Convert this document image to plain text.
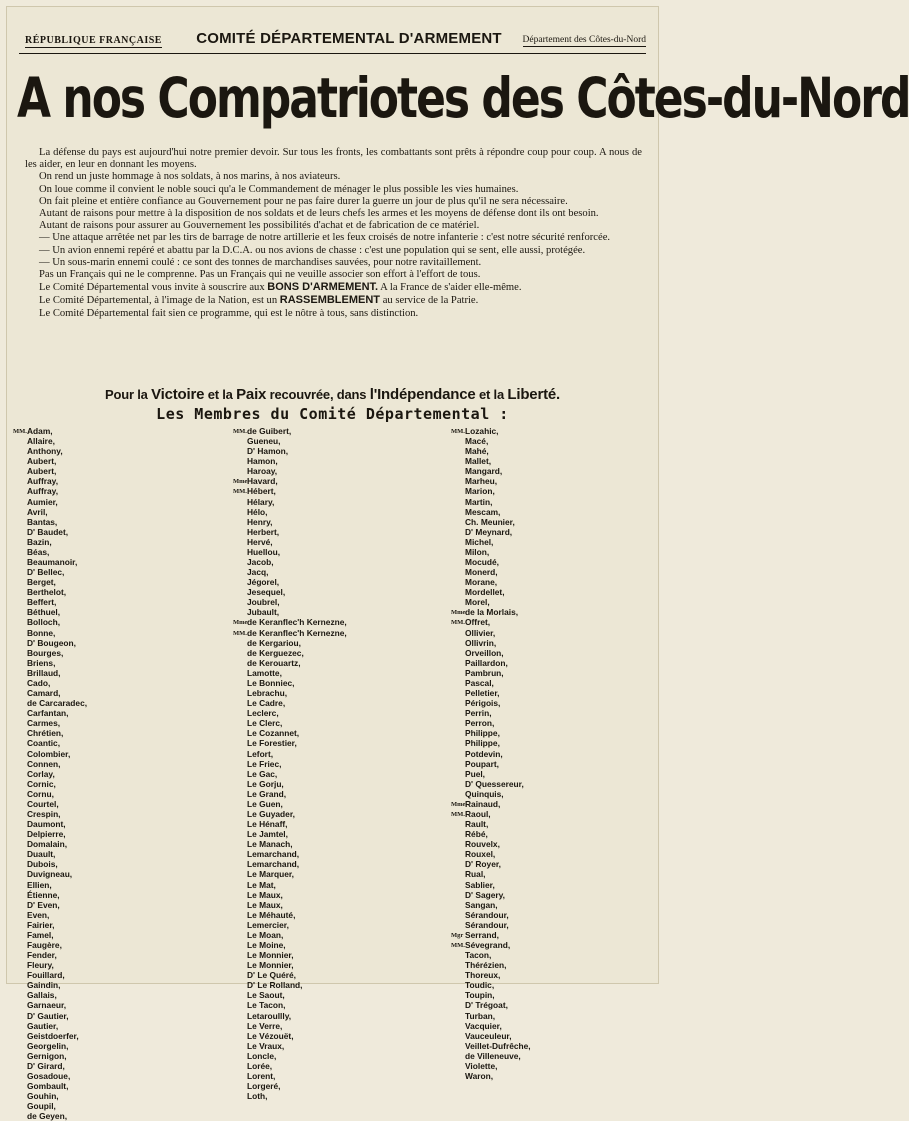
RÉPUBLIQUE FRANÇAISE	COMITÉ DÉPARTEMENTAL D'ARMEMENT	Département des Côtes-du-Nord
A nos Compatriotes des Côtes-du-Nord

La défense du pays est aujourd'hui notre premier devoir. Sur tous les fronts, les combattants sont prêts à répondre coup pour coup. A nous de les aider, en leur en donnant les moyens.

On rend un juste hommage à nos soldats, à nos marins, à nos aviateurs.

On loue comme il convient le noble souci qu'a le Commandement de ménager le plus possible les vies humaines.

On fait pleine et entière confiance au Gouvernement pour ne pas faire durer la guerre un jour de plus qu'il ne sera nécessaire.

Autant de raisons pour mettre à la disposition de nos soldats et de leurs chefs les armes et les moyens de défense dont ils ont besoin.

Autant de raisons pour assurer au Gouvernement les possibilités d'achat et de fabrication de ce matériel.

— Une attaque arrêtée net par les tirs de barrage de notre artillerie et les feux croisés de notre infanterie : c'est notre sécurité renforcée.

— Un avion ennemi repéré et abattu par la D.C.A. ou nos avions de chasse : c'est une population qui se sent, elle aussi, protégée.

— Un sous-marin ennemi coulé : ce sont des tonnes de marchandises sauvées, pour notre ravitaillement.

Pas un Français qui ne le comprenne. Pas un Français qui ne veuille associer son effort à l'effort de tous.

Le Comité Départemental vous invite à souscrire aux BONS D'ARMEMENT. A la France de s'aider elle-même.

Le Comité Départemental, à l'image de la Nation, est un RASSEMBLEMENT au service de la Patrie.

Le Comité Départemental fait sien ce programme, qui est le nôtre à tous, sans distinction.

Pour la Victoire et la Paix recouvrée, dans l'Indépendance et la Liberté.
Les Membres du Comité Départemental :
MM. Adam,
Allaire,
Anthony,
Aubert,
Aubert,
Auffray,
Auffray,
Aumier,
Avril,
Bantas,
D' Baudet,
Bazin,
Béas,
Beaumanoir,
D' Bellec,
Berget,
Berthelot,
Beffert,
Béthuel,
Bolloch,
Bonne,
D' Bougeon,
Bourges,
Briens,
Brillaud,
Cado,
Camard,
de Carcaradec,
Carfantan,
Carmes,
Chrétien,
Coantic,
Colombier,
Connen,
Corlay,
Cornic,
Cornu,
Courtel,
Crespin,
Daumont,
Delpierre,
Domalain,
Duault,
Dubois,
Duvigneau,
Ellien,
Étienne,
D' Even,
Even,
Fairier,
Famel,
Faugère,
Fender,
Fleury,
Fouillard,
Gaindin,
Gallais,
Garnaeur,
D' Gautier,
Gautier,
Geistdoerfer,
Georgelin,
Gernigon,
D' Girard,
Gosadoue,
Gombault,
Gouhin,
Goupil,
de Geyen,
MM. de Guibert,
Gueneu,
D' Hamon,
Hamon,
Haroay,
Mme Havard,
MM. Hébert,
Hélary,
Hélo,
Henry,
Herbert,
Hervé,
Huellou,
Jacob,
Jacq,
Jégorel,
Jesequel,
Joubrel,
Jubault,
Mme de Keranflec'h Kernezne,
MM. de Keranflec'h Kernezne,
de Kergariou,
de Kerguezec,
de Kerouartz,
Lamotte,
Le Bonniec,
Lebrachu,
Le Cadre,
Leclerc,
Le Clerc,
Le Cozannet,
Le Forestier,
Lefort,
Le Friec,
Le Gac,
Le Gorju,
Le Grand,
Le Guen,
Le Guyader,
Le Hénaff,
Le Jamtel,
Le Manach,
Lemarchand,
Lemarchand,
Le Marquer,
Le Mat,
Le Maux,
Le Maux,
Le Méhauté,
Lemercier,
Le Moan,
Le Moine,
Le Monnier,
Le Monnier,
D' Le Quéré,
D' Le Rolland,
Le Saout,
Le Tacon,
Letaroullly,
Le Verre,
Le Vézouët,
Le Vraux,
Loncle,
Lorée,
Lorent,
Lorgeré,
Loth,
MM. Lozahic,
Macé,
Mahé,
Mallet,
Mangard,
Marheu,
Marion,
Martin,
Mescam,
Ch. Meunier,
D' Meynard,
Michel,
Milon,
Mocudé,
Monerd,
Morane,
Mordellet,
Morel,
Mme de la Morlais,
MM. Offret,
Ollivier,
Ollivrin,
Orveillon,
Paillardon,
Pambrun,
Pascal,
Pelletier,
Périgois,
Perrin,
Perron,
Philippe,
Philippe,
Potdevin,
Poupart,
Puel,
D' Quessereur,
Quinquis,
Mme Rainaud,
MM. Raoul,
Rault,
Rébé,
Rouvelx,
Rouxel,
D' Royer,
Rual,
Sablier,
D' Sagery,
Sangan,
Sérandour,
Sérandour,
Mgr Serrand,
MM. Sévegrand,
Tacon,
Thérézien,
Thoreux,
Toudic,
Toupin,
D' Trégoat,
Turban,
Vacquier,
Vauceuleur,
Veillet-Dufrêche,
de Villeneuve,
Violette,
Waron,
